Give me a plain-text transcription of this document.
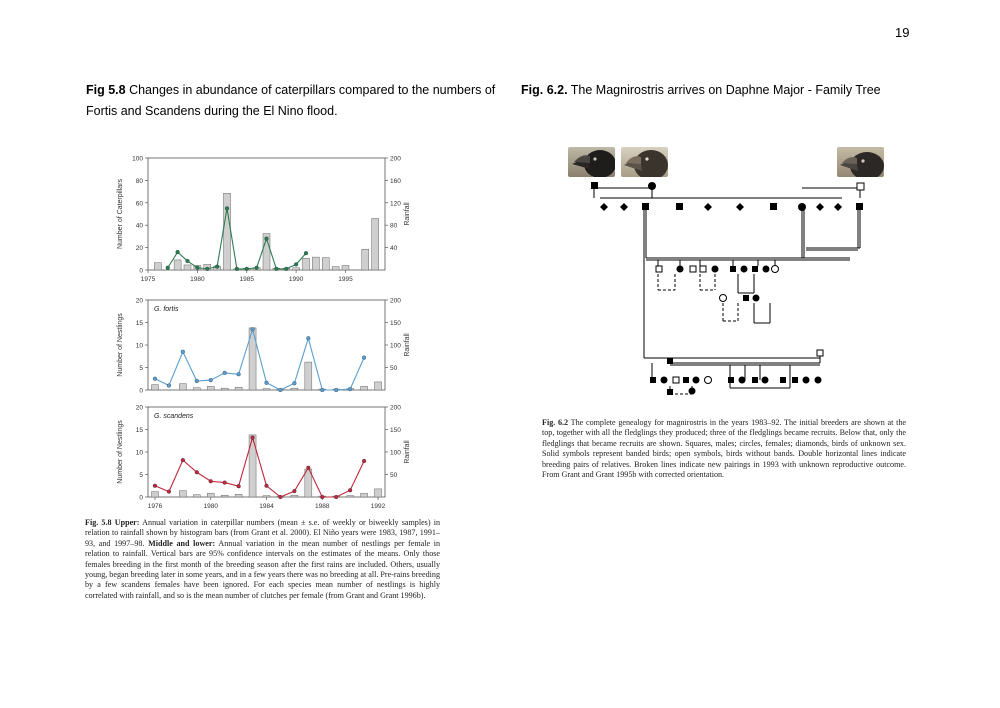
19
Fig 5.8 Changes in abundance of caterpillars compared to the numbers of Fortis and Scandens during the El Nino flood.
Fig. 6.2. The Magnirostris arrives on Daphne Major - Family Tree
0
20
40
60
80
100
40
80
120
160
200
1975	1980	1985	1990	1995
Number of Caterpillars	Rainfall
0
5
10
15
20
50
100
150
200
Number of Nestlings	Rainfall
G. fortis
0
5
10
15
20
50
100
150
200
1976	1980	1984	1988	1992
Number of Nestlings	Rainfall
G. scandens
Fig. 5.8 Upper: Annual variation in caterpillar numbers (mean ± s.e. of weekly or biweekly samples) in relation to rainfall shown by histogram bars (from Grant et al. 2000). El Niño years were 1983, 1987, 1991–93, and 1997–98. Middle and lower: Annual variation in the mean number of nestlings per female in relation to rainfall. Vertical bars are 95% confidence intervals on the estimates of the means. Only those females breeding in the first month of the breeding season after the first rains are included. Others, usually young, began breeding later in some years, and in a few years there was no breeding at all. Pre-rains breeding by a few scandens females have been ignored. For each species mean number of nestlings is highly correlated with rainfall, and so is the mean number of clutches per female (from Grant and Grant 1996b).
Fig. 6.2 The complete genealogy for magnirostris in the years 1983–92. The initial breeders are shown at the top, together with all the fledglings they produced; three of the fledglings became recruits. Below that, only the fledglings that became recruits are shown. Squares, males; circles, females; diamonds, birds of unknown sex. Solid symbols represent banded birds; open symbols, birds without bands. Double horizontal lines indicate breeding pairs of relatives. Broken lines indicate new pairings in 1993 with unknown reproductive outcome. From Grant and Grant 1995b with corrected orientation.
